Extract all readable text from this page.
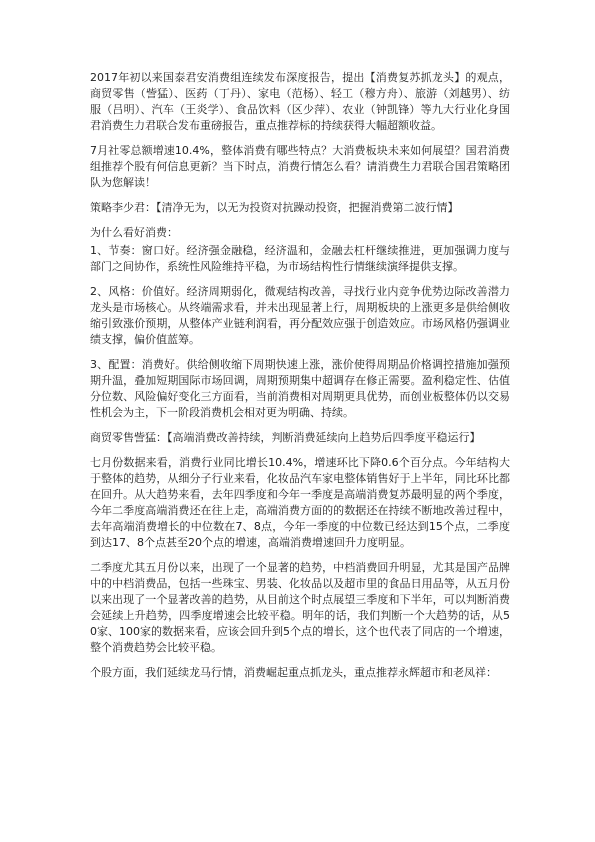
2017年初以来国泰君安消费组连续发布深度报告，提出【消费复苏抓龙头】的观点，商贸零售（訾猛）、医药（丁丹）、家电（范杨）、轻工（穆方舟）、旅游（刘越男）、纺服（吕明）、汽车（王炎学）、食品饮料（区少萍）、农业（钟凯锋）等九大行业化身国君消费生力君联合发布重磅报告，重点推荐标的持续获得大幅超额收益。

7月社零总额增速10.4%，整体消费有哪些特点？大消费板块未来如何展望？国君消费组推荐个股有何信息更新？当下时点，消费行情怎么看？请消费生力君联合国君策略团队为您解读！

策略李少君：【清净无为，以无为投资对抗躁动投资，把握消费第二波行情】

为什么看好消费：

1、节奏：窗口好。经济强金融稳，经济温和，金融去杠杆继续推进，更加强调力度与部门之间协作，系统性风险维持平稳，为市场结构性行情继续演绎提供支撑。

2、风格：价值好。经济周期弱化，微观结构改善，寻找行业内竞争优势边际改善潜力龙头是市场核心。从终端需求看，并未出现显著上行，周期板块的上涨更多是供给侧收缩引致涨价预期，从整体产业链利润看，再分配效应强于创造效应。市场风格仍强调业绩支撑，偏价值蓝筹。

3、配置：消费好。供给侧收缩下周期快速上涨，涨价使得周期品价格调控措施加强预期升温，叠加短期国际市场回调，周期预期集中超调存在修正需要。盈利稳定性、估值分位数、风险偏好变化三方面看，当前消费相对周期更具优势，而创业板整体仍以交易性机会为主，下一阶段消费机会相对更为明确、持续。

商贸零售訾猛：【高端消费改善持续，判断消费延续向上趋势后四季度平稳运行】

七月份数据来看，消费行业同比增长10.4%，增速环比下降0.6个百分点。今年结构大于整体的趋势，从细分子行业来看，化妆品汽车家电整体销售好于上半年，同比环比都在回升。从大趋势来看，去年四季度和今年一季度是高端消费复苏最明显的两个季度，今年二季度高端消费还在往上走，高端消费方面的的数据还在持续不断地改善过程中，去年高端消费增长的中位数在7、8点，今年一季度的中位数已经达到15个点，二季度到达17、8个点甚至20个点的增速，高端消费增速回升力度明显。

二季度尤其五月份以来，出现了一个显著的趋势，中档消费回升明显，尤其是国产品牌中的中档消费品，包括一些珠宝、男装、化妆品以及超市里的食品日用品等，从五月份以来出现了一个显著改善的趋势，从目前这个时点展望三季度和下半年，可以判断消费会延续上升趋势，四季度增速会比较平稳。明年的话，我们判断一个大趋势的话，从50家、100家的数据来看，应该会回升到5个点的增长，这个也代表了同店的一个增速，整个消费趋势会比较平稳。

个股方面，我们延续龙马行情，消费崛起重点抓龙头，重点推荐永辉超市和老凤祥：
